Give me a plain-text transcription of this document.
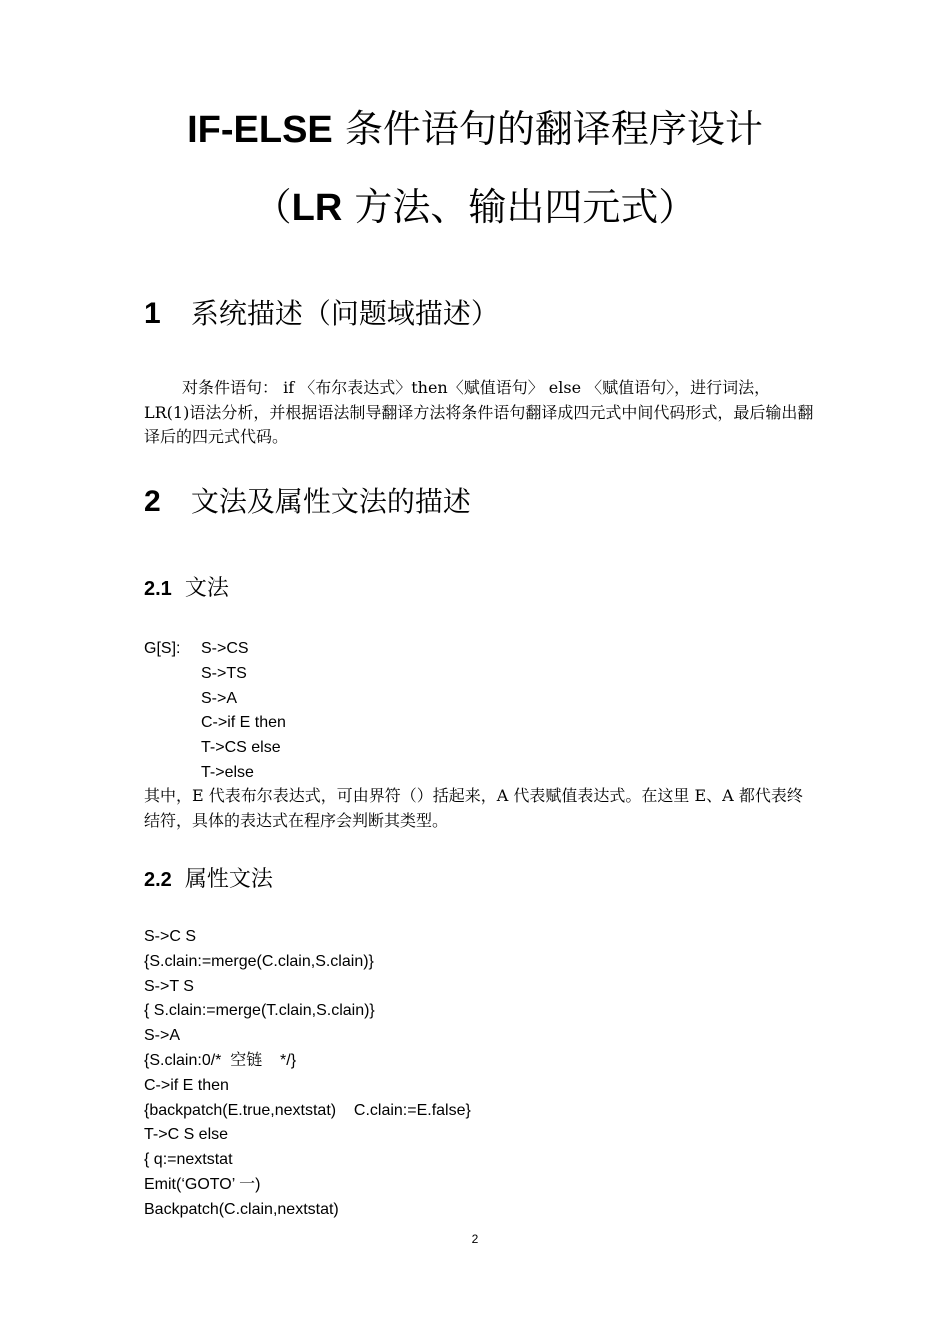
IF-ELSE 条件语句的翻译程序设计
（LR 方法、输出四元式）
1 系统描述（问题域描述）
对条件语句： if 〈布尔表达式〉then〈赋值语句〉 else 〈赋值语句〉，进行词法，LR(1)语法分析，并根据语法制导翻译方法将条件语句翻译成四元式中间代码形式，最后输出翻译后的四元式代码。
2 文法及属性文法的描述
2.1 文法
G[S]: S->CS
S->TS
S->A
C->if E then
T->CS else
T->else
其中，E 代表布尔表达式，可由界符（）括起来，A 代表赋值表达式。在这里 E、A 都代表终结符，具体的表达式在程序会判断其类型。
2.2 属性文法
S->C S
{S.clain:=merge(C.clain,S.clain)}
S->T S
{ S.clain:=merge(T.clain,S.clain)}
S->A
{S.clain:0/*  空链    */}
C->if E then
{backpatch(E.true,nextstat)    C.clain:=E.false}
T->C S else
{ q:=nextstat
Emit(‘GOTO’ 一)
Backpatch(C.clain,nextstat)
2
